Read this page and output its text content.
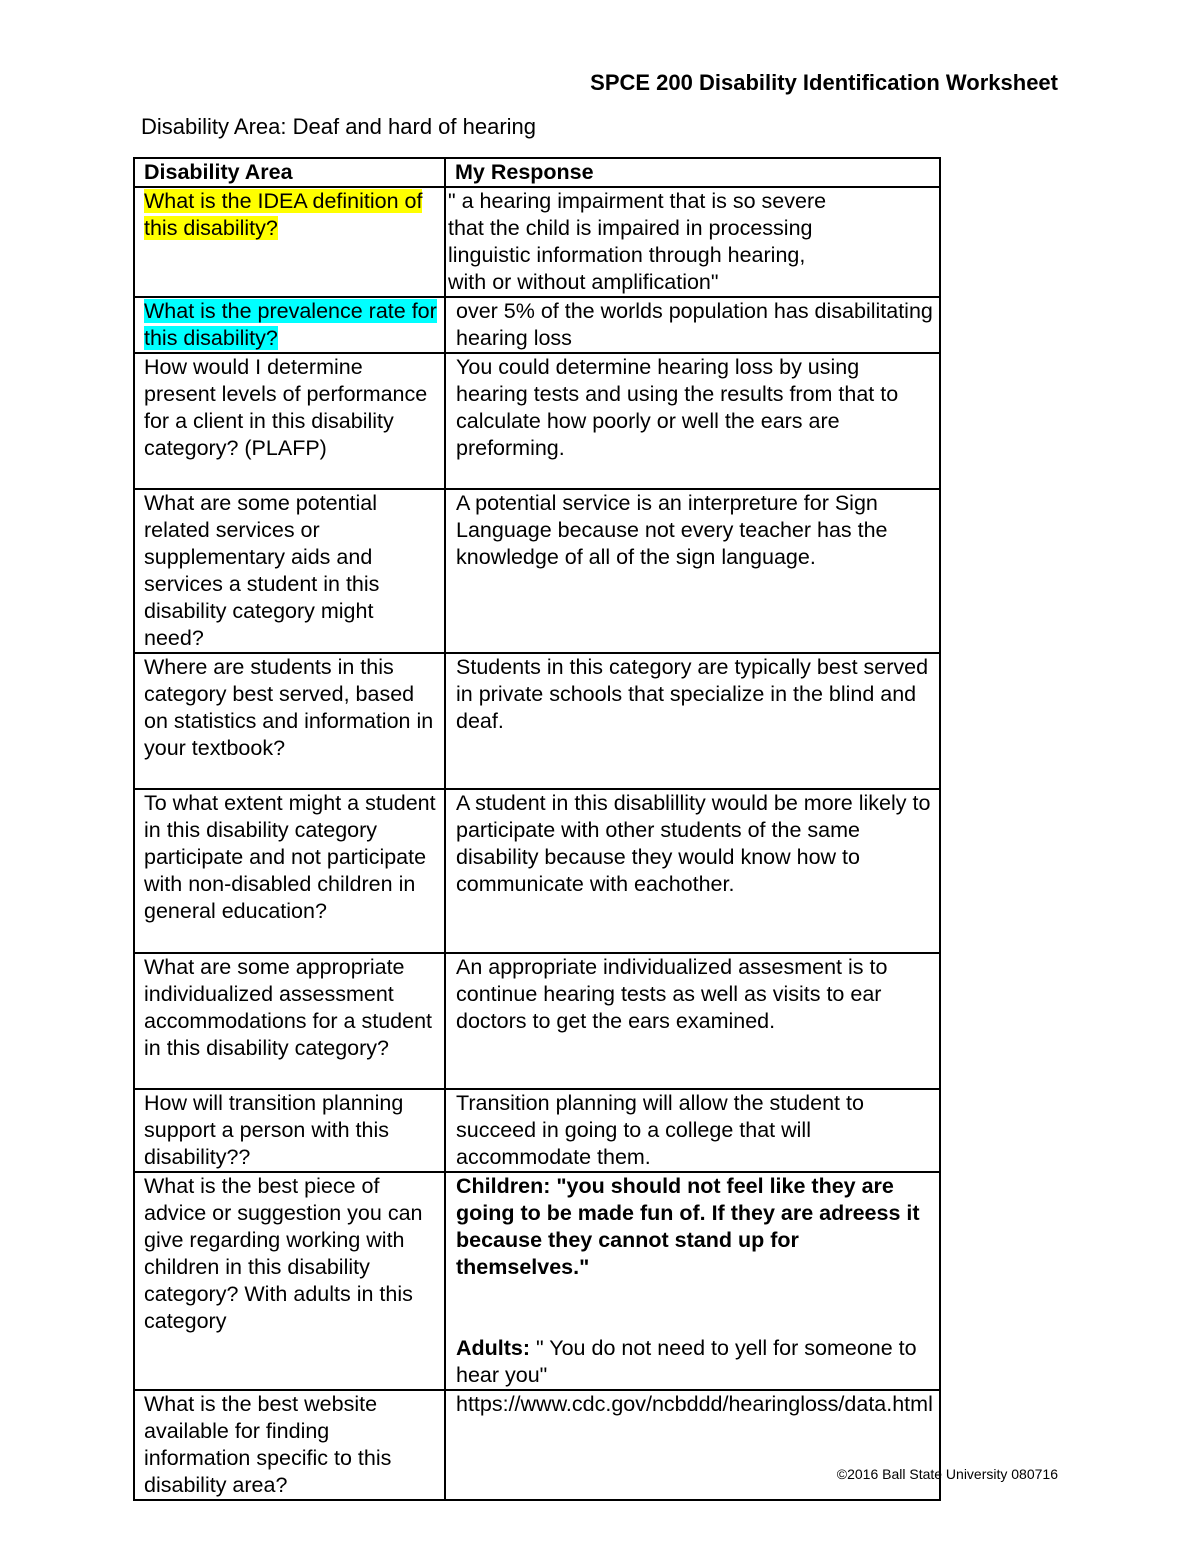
SPCE 200 Disability Identification Worksheet
Disability Area: Deaf and hard of hearing
Disability Area	My Response
What is the IDEA definition of this disability?	" a hearing impairment that is so severe
that the child is impaired in processing
linguistic information through hearing,
with or without amplification"
What is the prevalence rate for this disability?	over 5% of the worlds population has disabilitating hearing loss
How would I determine present levels of performance for a client in this disability category? (PLAFP)	You could determine hearing loss by using hearing tests and using the results from that to calculate how poorly or well the ears are preforming.
What are some potential related services or supplementary aids and services a student in this disability category might need?	A potential service is an interpreture for Sign Language because not every teacher has the knowledge of all of the sign language.
Where are students in this category best served, based on statistics and information in your textbook?	Students in this category are typically best served in private schools that specialize in the blind and deaf.
To what extent might a student in this disability category participate and not participate with non-disabled children in general education?	A student in this disablillity would be more likely to participate with other students of the same disability because they would know how to communicate with eachother.
What are some appropriate individualized assessment accommodations for a student in this disability category?	An appropriate individualized assesment is to continue hearing tests as well as visits to ear doctors to get the ears examined.
How will transition planning support a person with this disability??	Transition planning will allow the student to succeed in going to a college that will accommodate them.
What is the best piece of advice or suggestion you can give regarding working with children in this disability category? With adults in this category	Children: "you should not feel like they are going to be made fun of. If they are adreess it because they cannot stand up for themselves."
Adults: " You do not need to yell for someone to hear you"

What is the best website available for finding information specific to this disability area?	https://www.cdc.gov/ncbddd/hearingloss/data.html
©2016 Ball State University 080716
